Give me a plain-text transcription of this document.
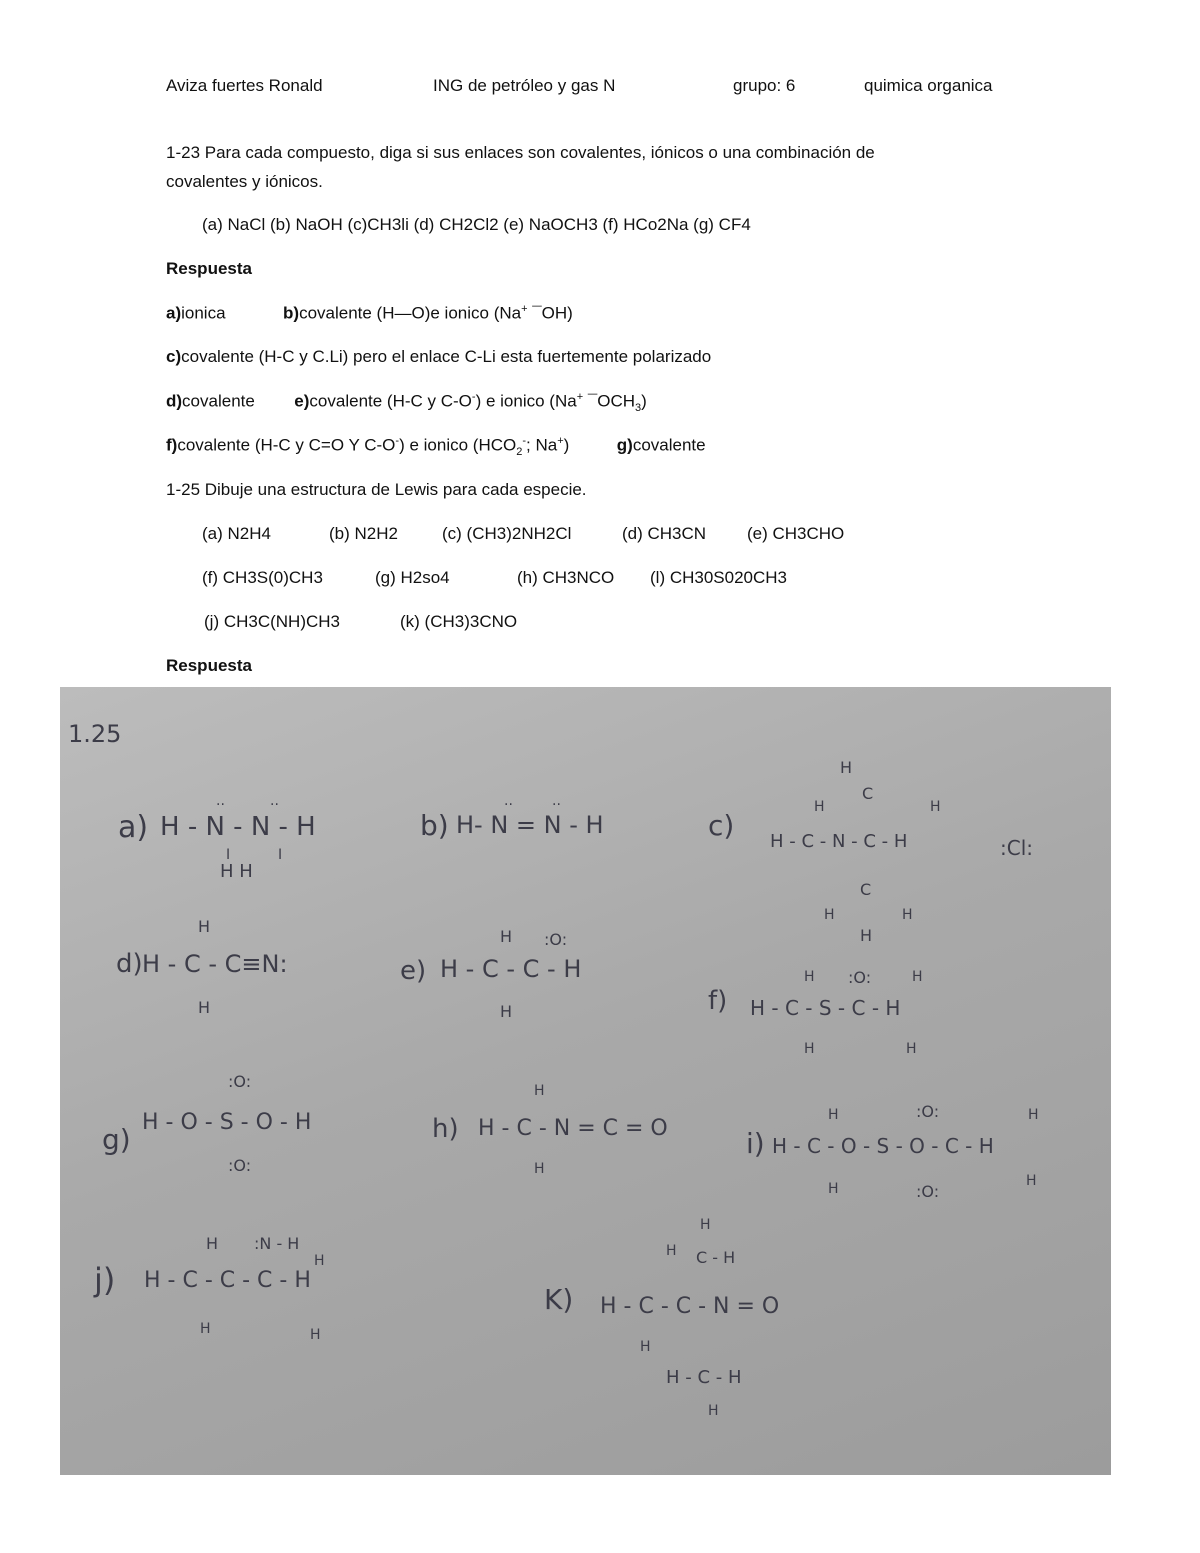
Aviza fuertes Ronald	ING de petróleo y gas N	grupo: 6	quimica organica
1-23 Para cada compuesto, diga si sus enlaces son covalentes, iónicos o una combinación de
covalentes y iónicos.
(a) NaCl (b) NaOH (c)CH3li (d) CH2Cl2 (e) NaOCH3 (f) HCo2Na (g) CF4
Respuesta
a)ionica	b)covalente (H—O)e ionico (Na+ ¯OH)
c)covalente (H-C y C.Li) pero el enlace C-Li esta fuertemente polarizado
d)covalente e)covalente (H-C y C-O-) e ionico (Na+ $¯OCH_3$)
f)covalente (H-C y C=O Y C-O-) e ionico ($HCO_2^-$; Na+)	g)covalente
1-25 Dibuje una estructura de Lewis para cada especie.
(a) N2H4	(b) N2H2	(c) (CH3)2NH2Cl	(d) CH3CN (e) CH3CHO
(f) CH3S(0)CH3	(g) H2so4	(h) CH3NCO (l) CH30S020CH3
(j) CH3C(NH)CH3	(k) (CH3)3CNO
Respuesta
1.25
a) H - N - N - H
··	··
I	I
H H
b) H- N = N - H
··	··
c) H - C - N - C - H
H
C
H	H
C
H
H	H
:Cl:
d) H - C - C≡N:
H
H
e) H - C - C - H
H :O:
H	f) H - C - S - C - H
H :O:	H
H	H
g)
H - O - S - O - H
:O:
:O:
h) H - C - N = C = O
H
H
i) H - C - O - S - O - C - H
H	:O:	H
H	:O:
H
j) H - C - C - C - H
H :N - H
H
H	H
K) H - C - C - N = O
H C - H
H
H
H - C - H
H
